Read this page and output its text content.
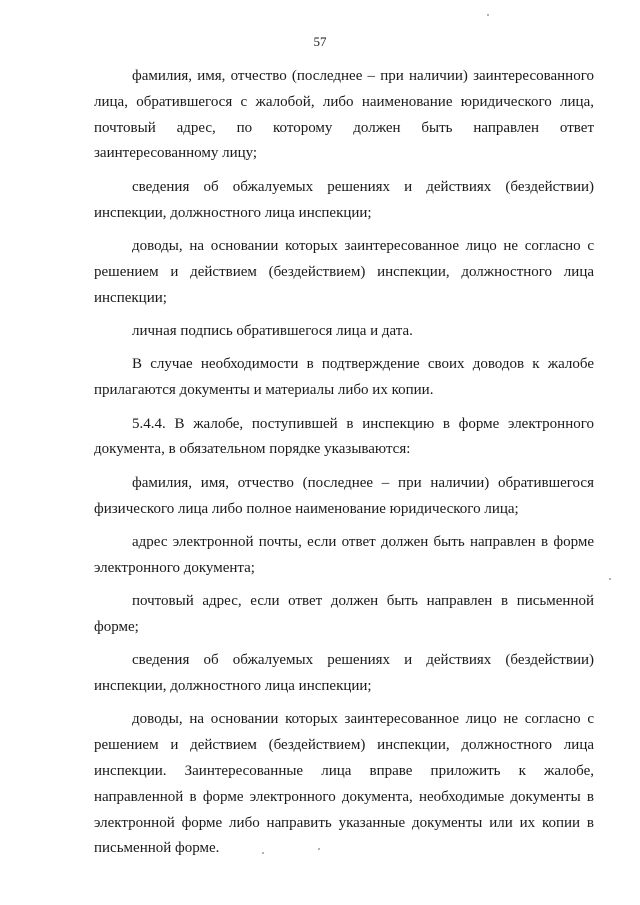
57

фамилия, имя, отчество (последнее – при наличии) заинтересованного лица, обратившегося с жалобой, либо наименование юридического лица, почтовый адрес, по которому должен быть направлен ответ заинтересованному лицу;

сведения об обжалуемых решениях и действиях (бездействии) инспекции, должностного лица инспекции;

доводы, на основании которых заинтересованное лицо не согласно с решением и действием (бездействием) инспекции, должностного лица инспекции;

личная подпись обратившегося лица и дата.

В случае необходимости в подтверждение своих доводов к жалобе прилагаются документы и материалы либо их копии.

5.4.4. В жалобе, поступившей в инспекцию в форме электронного документа, в обязательном порядке указываются:

фамилия, имя, отчество (последнее – при наличии) обратившегося физического лица либо полное наименование юридического лица;

адрес электронной почты, если ответ должен быть направлен в форме электронного документа;

почтовый адрес, если ответ должен быть направлен в письменной форме;

сведения об обжалуемых решениях и действиях (бездействии) инспекции, должностного лица инспекции;

доводы, на основании которых заинтересованное лицо не согласно с решением и действием (бездействием) инспекции, должностного лица инспекции. Заинтересованные лица вправе приложить к жалобе, направленной в форме электронного документа, необходимые документы в электронной форме либо направить указанные документы или их копии в письменной форме.
